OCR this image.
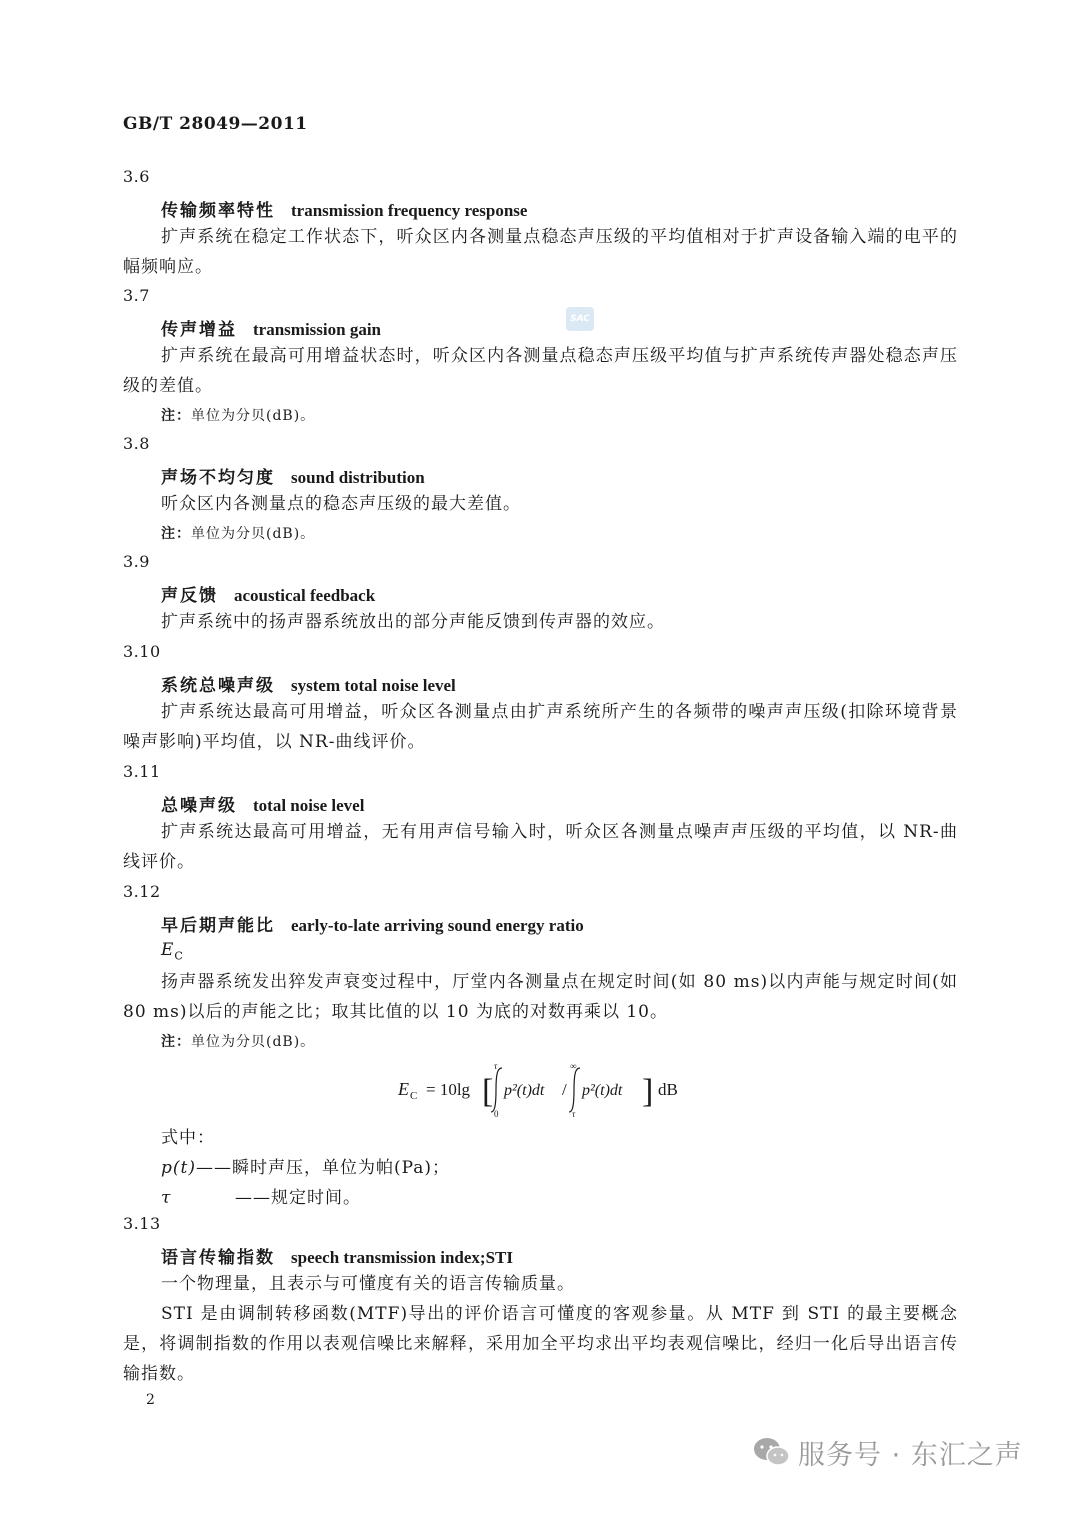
GB/T 28049—2011
SAC
3.6
传输频率特性 transmission frequency response

扩声系统在稳定工作状态下，听众区内各测量点稳态声压级的平均值相对于扩声设备输入端的电平的幅频响应。

3.7
传声增益 transmission gain

扩声系统在最高可用增益状态时，听众区内各测量点稳态声压级平均值与扩声系统传声器处稳态声压级的差值。

注：单位为分贝(dB)。
3.8
声场不均匀度 sound distribution

听众区内各测量点的稳态声压级的最大差值。

注：单位为分贝(dB)。
3.9
声反馈 acoustical feedback

扩声系统中的扬声器系统放出的部分声能反馈到传声器的效应。

3.10
系统总噪声级 system total noise level

扩声系统达最高可用增益，听众区各测量点由扩声系统所产生的各频带的噪声声压级(扣除环境背景噪声影响)平均值，以 NR-曲线评价。

3.11
总噪声级 total noise level

扩声系统达最高可用增益，无有用声信号输入时，听众区各测量点噪声声压级的平均值，以 NR-曲线评价。

3.12
早后期声能比 early-to-late arriving sound energy ratio
$E_C$

扬声器系统发出猝发声衰变过程中，厅堂内各测量点在规定时间(如 80 ms)以内声能与规定时间(如 80 ms)以后的声能之比；取其比值的以 10 为底的对数再乘以 10。

注：单位为分贝(dB)。
E C = 10lg [
τ
0
p²(t)dt /
∞
τ
p²(t)dt ] dB
式中：
p(t)——瞬时声压，单位为帕(Pa)；
τ	——规定时间。
3.13
语言传输指数 speech transmission index;STI

一个物理量，且表示与可懂度有关的语言传输质量。

STI 是由调制转移函数(MTF)导出的评价语言可懂度的客观参量。从 MTF 到 STI 的最主要概念是，将调制指数的作用以表观信噪比来解释，采用加全平均求出平均表观信噪比，经归一化后导出语言传输指数。

2
服务号 · 东汇之声
